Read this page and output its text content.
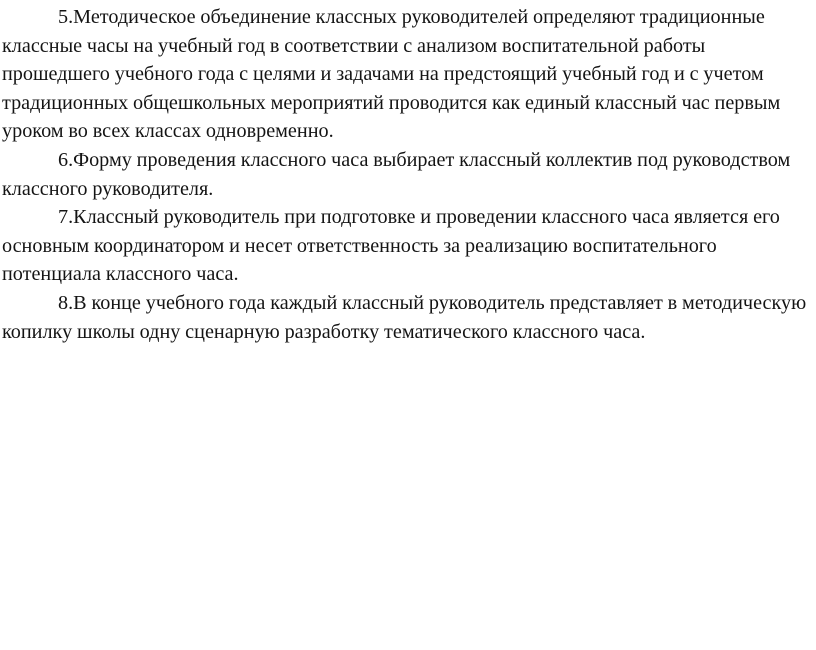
5.Методическое объединение классных руководителей определяют традиционные классные часы на учебный год в соответствии с анализом воспитательной работы прошедшего учебного года с целями и задачами на предстоящий учебный год и с учетом традиционных общешкольных мероприятий проводится как единый классный час первым уроком во всех классах одновременно.

6.Форму проведения классного часа выбирает классный коллектив под руководством классного руководителя.

7.Классный руководитель при подготовке и проведении классного часа является его основным координатором и несет ответственность за реализацию воспитательного потенциала классного часа.

8.В конце учебного года каждый классный руководитель представляет в методическую копилку школы одну сценарную разработку тематического классного часа.
